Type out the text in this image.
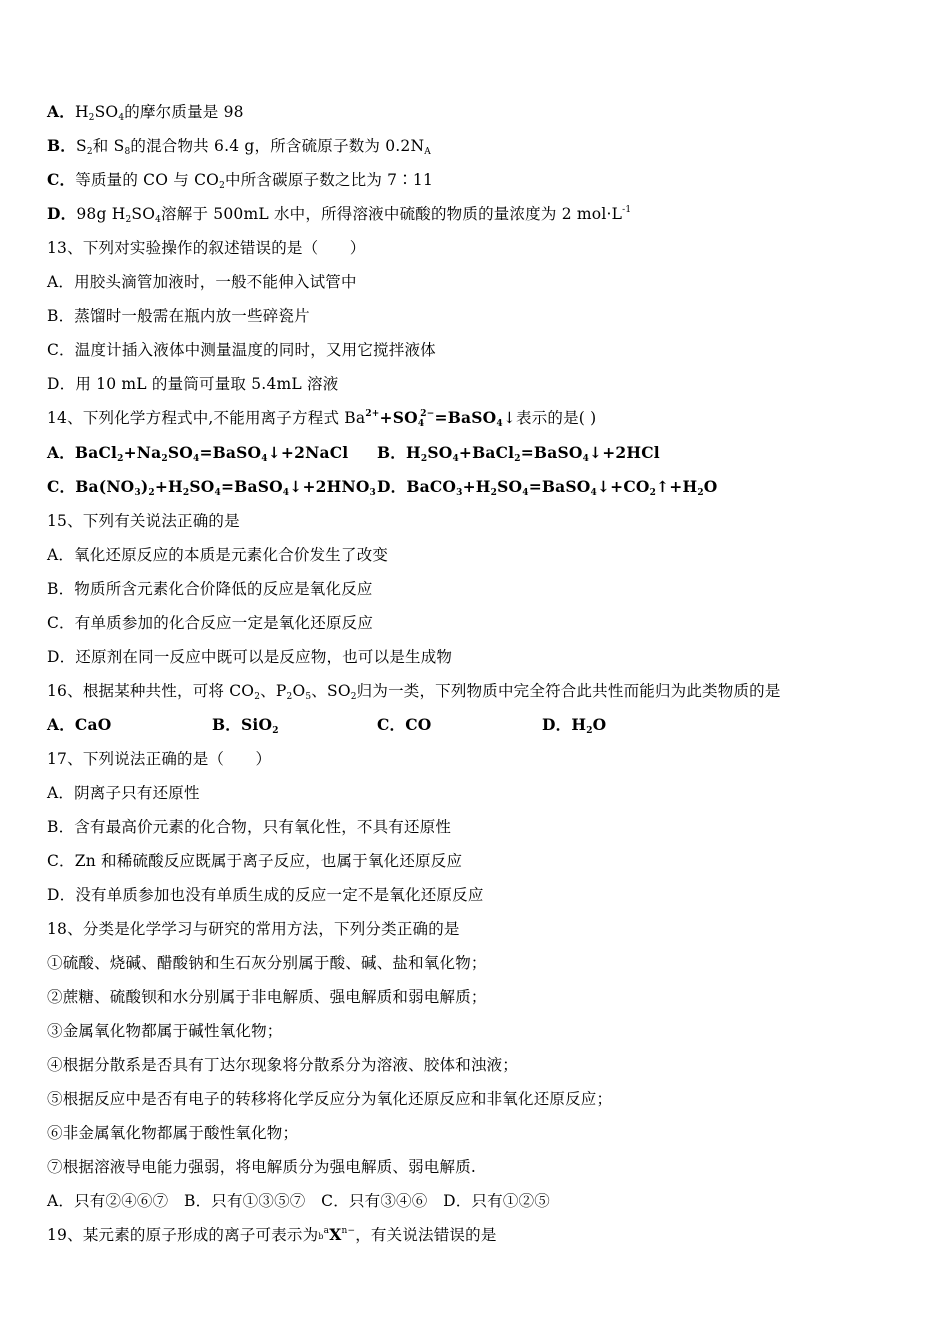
A．$H_2SO_4$的摩尔质量是 98
B．$S_2$和 $S_8$的混合物共 6.4 g，所含硫原子数为 $0.2N_A$
C．等质量的 CO 与 $CO_2$中所含碳原子数之比为 7∶11
D．98g $H_2SO_4$溶解于 500mL 水中，所得溶液中硫酸的物质的量浓度为 2 $mol\cdot L^{-1}$
13、下列对实验操作的叙述错误的是（　　）
A．用胶头滴管加液时，一般不能伸入试管中
B．蒸馏时一般需在瓶内放一些碎瓷片
C．温度计插入液体中测量温度的同时，又用它搅拌液体
D．用 10 mL 的量筒可量取 5.4mL 溶液
14、下列化学方程式中,不能用离子方程式 $Ba^{2+}+SO_4^{2-}=BaSO_4↓$表示的是( )
A．$BaCl_2+Na_2SO_4=BaSO_4↓+2NaCl$ B．$H_2SO_4+BaCl_2=BaSO_4↓+2HCl$
C．$Ba(NO_3)_2+H_2SO_4=BaSO_4↓+2HNO_3$ D．$BaCO_3+H_2SO_4=BaSO_4↓+CO_2↑+H_2O$
15、下列有关说法正确的是
A．氧化还原反应的本质是元素化合价发生了改变
B．物质所含元素化合价降低的反应是氧化反应
C．有单质参加的化合反应一定是氧化还原反应
D．还原剂在同一反应中既可以是反应物，也可以是生成物
16、根据某种共性，可将 $CO_2$、$P_2O_5$、$SO_2$归为一类，下列物质中完全符合此共性而能归为此类物质的是
A．CaO	B．SiO$_2$	C．CO	D．$H_2O$
17、下列说法正确的是（　　）
A．阴离子只有还原性
B．含有最高价元素的化合物，只有氧化性，不具有还原性
C．Zn 和稀硫酸反应既属于离子反应，也属于氧化还原反应
D．没有单质参加也没有单质生成的反应一定不是氧化还原反应
18、分类是化学学习与研究的常用方法，下列分类正确的是
①硫酸、烧碱、醋酸钠和生石灰分别属于酸、碱、盐和氧化物；
②蔗糖、硫酸钡和水分别属于非电解质、强电解质和弱电解质；
③金属氧化物都属于碱性氧化物；
④根据分散系是否具有丁达尔现象将分散系分为溶液、胶体和浊液；
⑤根据反应中是否有电子的转移将化学反应分为氧化还原反应和非氧化还原反应；
⑥非金属氧化物都属于酸性氧化物；
⑦根据溶液导电能力强弱，将电解质分为强电解质、弱电解质.
A．只有②④⑥⑦　B．只有①③⑤⑦　C．只有③④⑥　D．只有①②⑤
19、某元素的原子形成的离子可表示为$b^aX^{n-}$，有关说法错误的是
